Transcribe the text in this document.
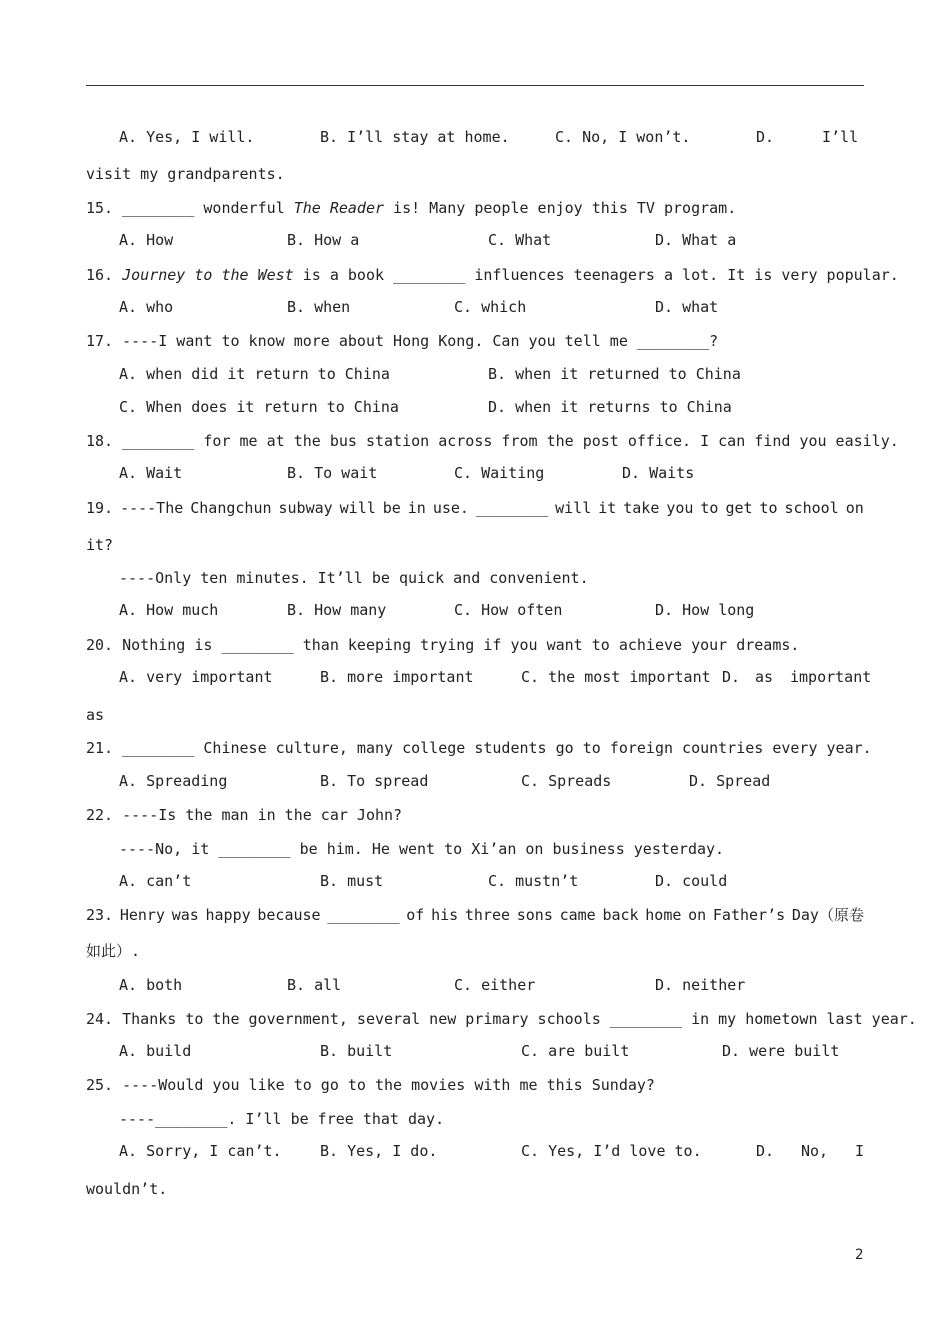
A. Yes, I will.	B. I’ll stay at home.	C. No, I won’t.	D.	I’ll
visit my grandparents.
15. ________ wonderful The Reader is! Many people enjoy this TV program.
A. How	B. How a	C. What	D. What a
16. Journey to the West is a book ________ influences teenagers a lot. It is very popular.
A. who	B. when	C. which	D. what
17. ----I want to know more about Hong Kong. Can you tell me ________?
A. when did it return to China	B. when it returned to China
C. When does it return to China	D. when it returns to China
18. ________ for me at the bus station across from the post office. I can find you easily.
A. Wait	B. To wait	C. Waiting	D. Waits
19. ----The Changchun subway will be in use. ________ will it take you to get to school on
it?
----Only ten minutes. It’ll be quick and convenient.
A. How much	B. How many	C. How often	D. How long
20. Nothing is ________ than keeping trying if you want to achieve your dreams.
A. very important	B. more important	C. the most important D. as important
as
21. ________ Chinese culture, many college students go to foreign countries every year.
A. Spreading	B. To spread	C. Spreads	D. Spread
22. ----Is the man in the car John?
----No, it ________ be him. He went to Xi’an on business yesterday.
A. can’t	B. must	C. mustn’t	D. could
23. Henry was happy because ________ of his three sons came back home on Father’s Day（原卷
如此）.
A. both	B. all	C. either	D. neither
24. Thanks to the government, several new primary schools ________ in my hometown last year.
A. build	B. built	C. are built	D. were built
25. ----Would you like to go to the movies with me this Sunday?
----________. I’ll be free that day.
A. Sorry, I can’t.	B. Yes, I do.	C. Yes, I’d love to.	D. No, I
wouldn’t.
2
